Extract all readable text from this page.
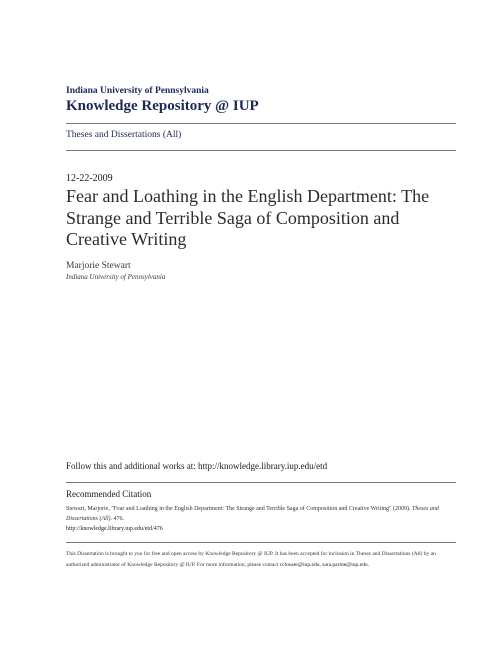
Indiana University of Pennsylvania
Knowledge Repository @ IUP
Theses and Dissertations (All)
12-22-2009
Fear and Loathing in the English Department: The Strange and Terrible Saga of Composition and Creative Writing
Marjorie Stewart
Indiana University of Pennsylvania
Follow this and additional works at: http://knowledge.library.iup.edu/etd
Recommended Citation
Stewart, Marjorie, "Fear and Loathing in the English Department: The Strange and Terrible Saga of Composition and Creative Writing" (2009). Theses and Dissertations (All). 476.
http://knowledge.library.iup.edu/etd/476
This Dissertation is brought to you for free and open access by Knowledge Repository @ IUP. It has been accepted for inclusion in Theses and Dissertations (All) by an authorized administrator of Knowledge Repository @ IUP. For more information, please contact cclouser@iup.edu, sara.parme@iup.edu.
